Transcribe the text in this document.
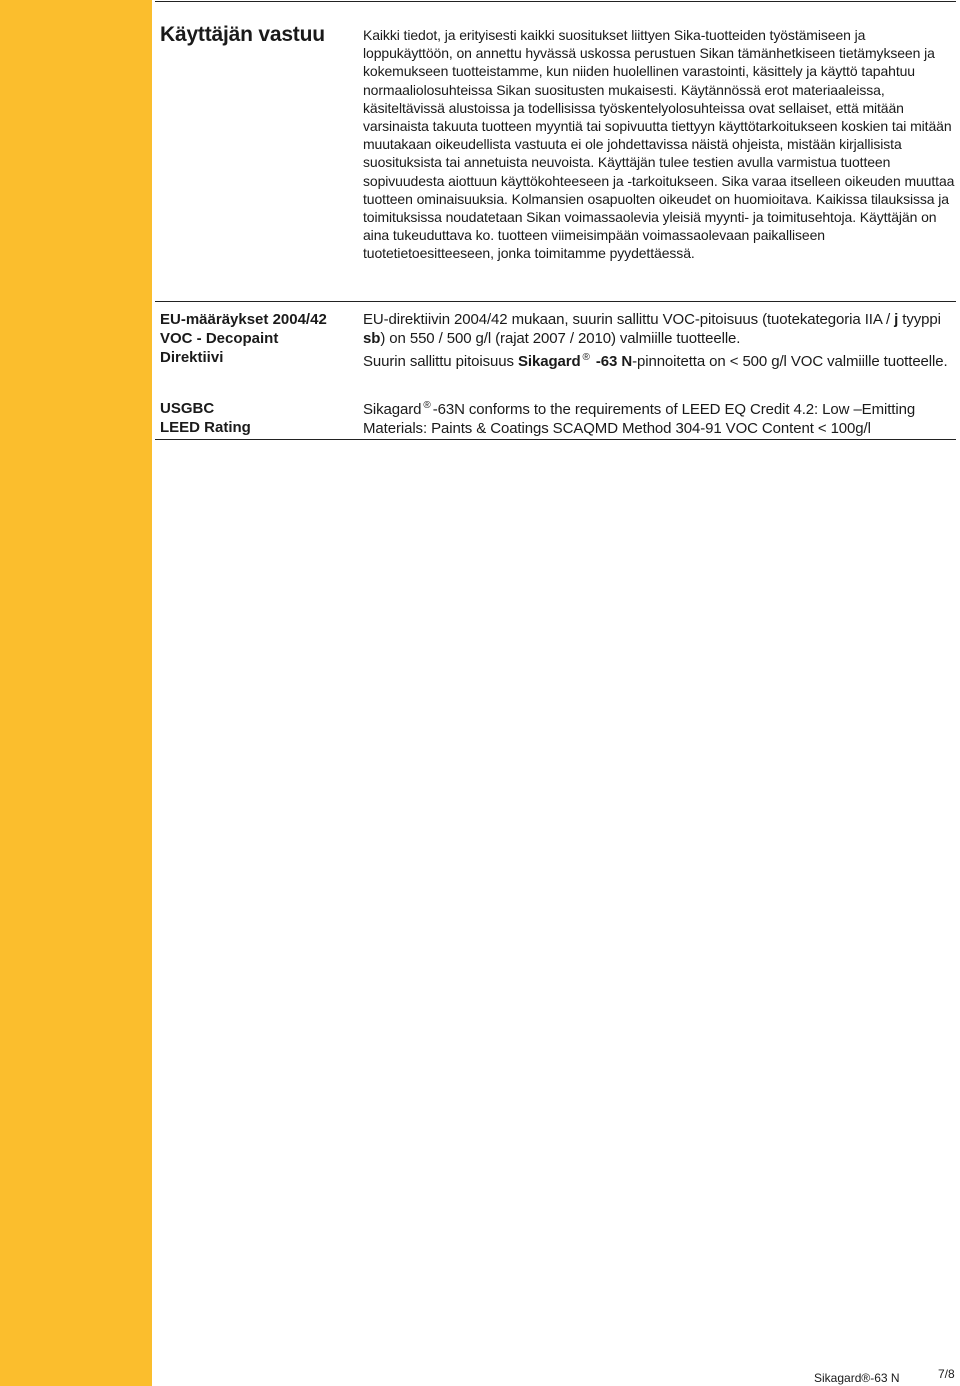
Käyttäjän vastuu	Kaikki tiedot, ja erityisesti kaikki suositukset liittyen Sika-tuotteiden työstämiseen ja loppukäyttöön, on annettu hyvässä uskossa perustuen Sikan tämänhetkiseen tietämykseen ja kokemukseen tuotteistamme, kun niiden huolellinen varastointi, käsittely ja käyttö tapahtuu normaaliolosuhteissa Sikan suositusten mukaisesti. Käytännössä erot materiaaleissa, käsiteltävissä alustoissa ja todellisissa työskentelyolosuhteissa ovat sellaiset, että mitään varsinaista takuuta tuotteen myyntiä tai sopivuutta tiettyyn käyttötarkoitukseen koskien tai mitään muutakaan oikeudellista vastuuta ei ole johdettavissa näistä ohjeista, mistään kirjallisista suosituksista tai annetuista neuvoista. Käyttäjän tulee testien avulla varmistua tuotteen sopivuudesta aiottuun käyttökohteeseen ja -tarkoitukseen. Sika varaa itselleen oikeuden muuttaa tuotteen ominaisuuksia. Kolmansien osapuolten oikeudet on huomioitava. Kaikissa tilauksissa ja toimituksissa noudatetaan Sikan voimassaolevia yleisiä myynti- ja toimitusehtoja. Käyttäjän on aina tukeuduttava ko. tuotteen viimeisimpään voimassaolevaan paikalliseen tuotetietoesitteeseen, jonka toimitamme pyydettäessä.
EU-määräykset 2004/42
VOC - Decopaint
Direktiivi
EU-direktiivin 2004/42 mukaan, suurin sallittu VOC-pitoisuus (tuotekategoria IIA / j tyyppi sb) on 550 / 500 g/l (rajat 2007 / 2010) valmiille tuotteelle.
Suurin sallittu pitoisuus Sikagard ® -63 N-pinnoitetta on < 500 g/l VOC valmiille tuotteelle.
USGBC
LEED Rating
Sikagard ® -63N conforms to the requirements of LEED EQ Credit 4.2: Low –Emitting Materials: Paints & Coatings SCAQMD Method 304-91 VOC Content < 100g/l
Sikagard®-63 N	7/8
